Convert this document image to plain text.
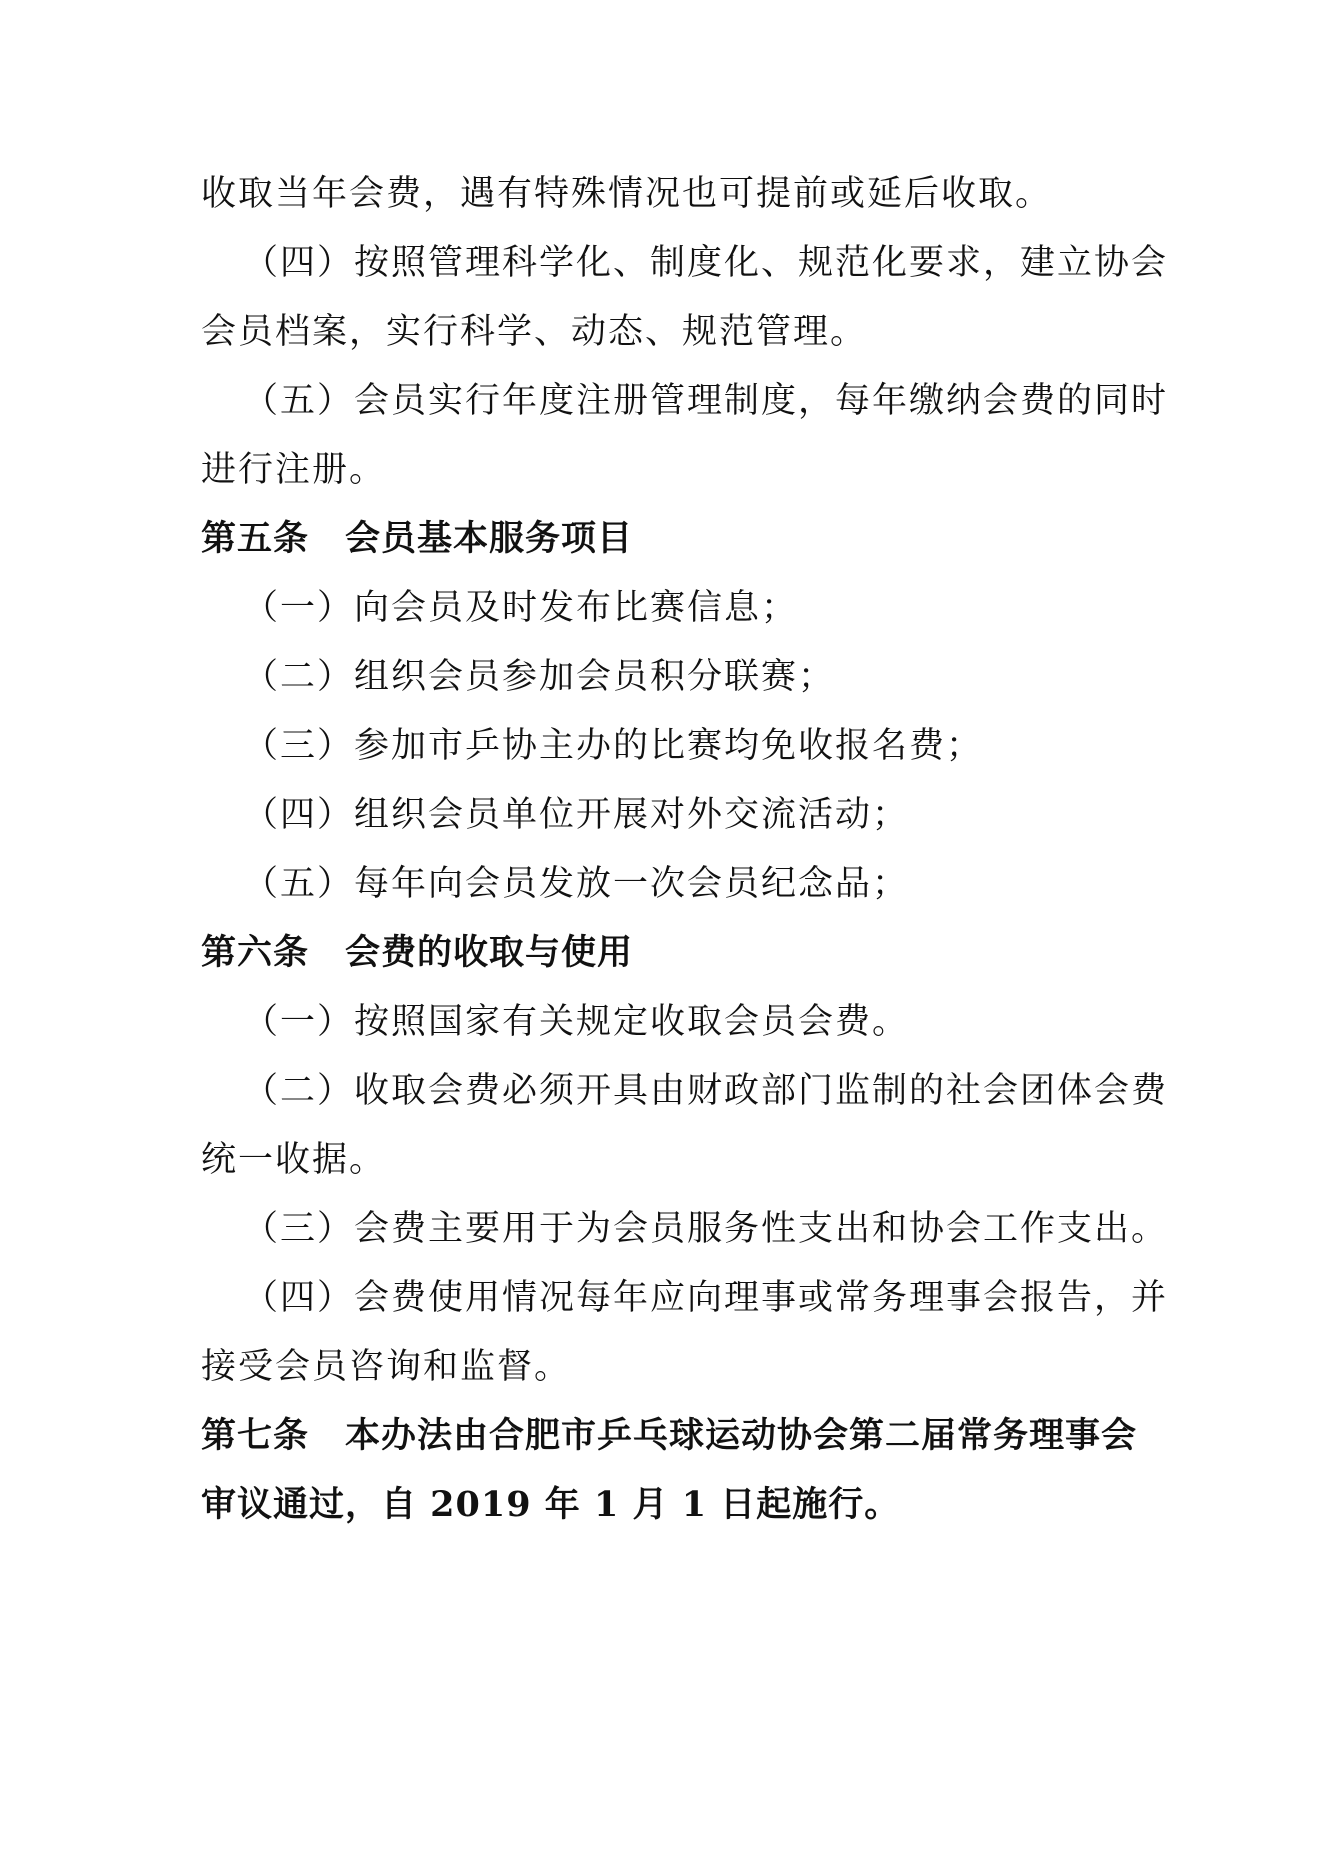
收取当年会费，遇有特殊情况也可提前或延后收取。
（四）按照管理科学化、制度化、规范化要求，建立协会
会员档案，实行科学、动态、规范管理。
（五）会员实行年度注册管理制度，每年缴纳会费的同时
进行注册。
第五条　会员基本服务项目
（一）向会员及时发布比赛信息；
（二）组织会员参加会员积分联赛；
（三）参加市乒协主办的比赛均免收报名费；
（四）组织会员单位开展对外交流活动；
（五）每年向会员发放一次会员纪念品；
第六条　会费的收取与使用
（一）按照国家有关规定收取会员会费。
（二）收取会费必须开具由财政部门监制的社会团体会费
统一收据。
（三）会费主要用于为会员服务性支出和协会工作支出。
（四）会费使用情况每年应向理事或常务理事会报告，并
接受会员咨询和监督。
第七条　本办法由合肥市乒乓球运动协会第二届常务理事会
审议通过，自 2019 年 1 月 1 日起施行。
